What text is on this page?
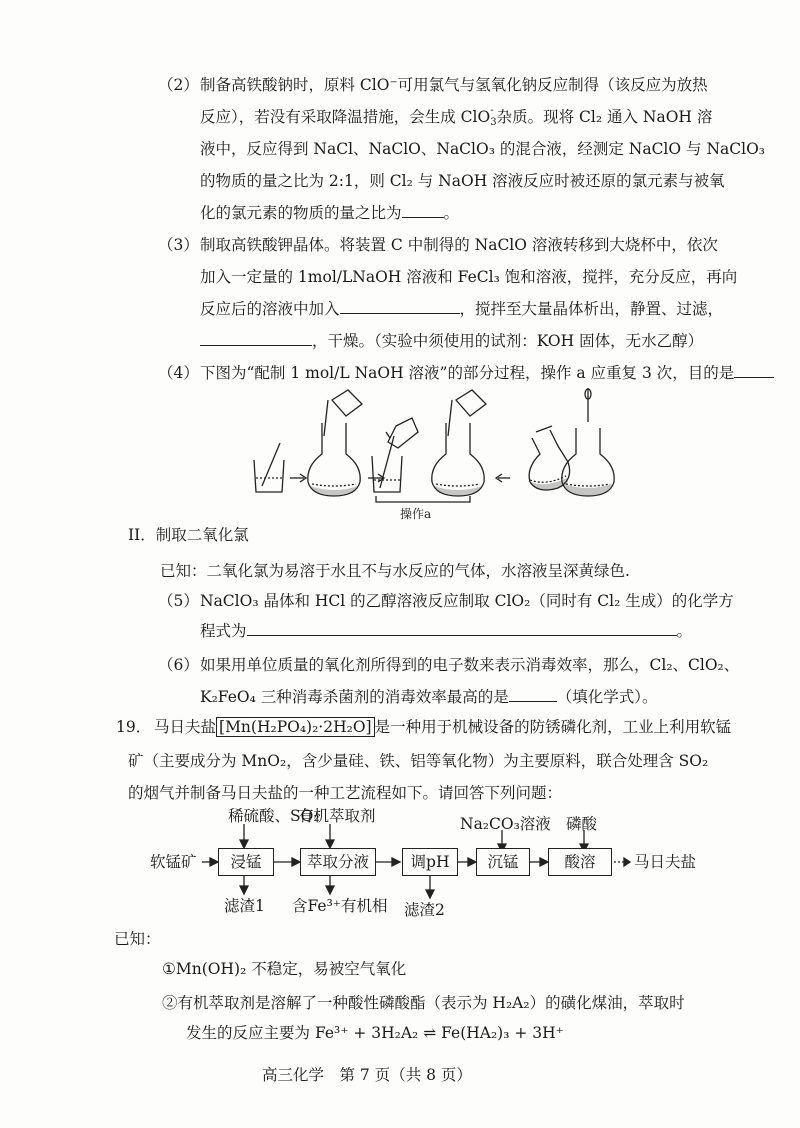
（2） 制备高铁酸钠时，原料 ClO⁻可用氯气与氢氧化钠反应制得（该反应为放热
反应），若没有采取降温措施，会生成 ClO -
3杂质。现将 Cl₂ 通入 NaOH 溶
液中，反应得到 NaCl、NaClO、NaClO₃ 的混合液，经测定 NaClO 与 NaClO₃
的物质的量之比为 2:1，则 Cl₂ 与 NaOH 溶液反应时被还原的氯元素与被氧
化的氯元素的物质的量之比为	。
（3） 制取高铁酸钾晶体。将装置 C 中制得的 NaClO 溶液转移到大烧杯中，依次
加入一定量的 1mol/LNaOH 溶液和 FeCl₃ 饱和溶液，搅拌，充分反应，再向
反应后的溶液中加入	，搅拌至大量晶体析出，静置、过滤，
，干燥。（实验中须使用的试剂：KOH 固体，无水乙醇）
（4） 下图为“配制 1 mol/L NaOH 溶液”的部分过程，操作 a 应重复 3 次，目的是
操作a
II．制取二氧化氯
已知：二氧化氯为易溶于水且不与水反应的气体，水溶液呈深黄绿色.
（5） NaClO₃ 晶体和 HCl 的乙醇溶液反应制取 ClO₂（同时有 Cl₂ 生成）的化学方
程式为	。
（6） 如果用单位质量的氧化剂所得到的电子数来表示消毒效率，那么，Cl₂、ClO₂、
K₂FeO₄ 三种消毒杀菌剂的消毒效率最高的是	（填化学式）。
19． 马日夫盐 [Mn(H₂PO₄)₂·2H₂O] 是一种用于机械设备的防锈磷化剂，工业上利用软锰
矿（主要成分为 MnO₂，含少量硅、铁、铝等氧化物）为主要原料，联合处理含 SO₂
的烟气并制备马日夫盐的一种工艺流程如下。请回答下列问题：
稀硫酸、SO₂
有机萃取剂	Na₂CO₃溶液 磷酸
软锰矿	浸锰	萃取分液	调pH	沉锰	酸溶	马日夫盐
滤渣1 含Fe³⁺有机相 滤渣2
已知：
①Mn(OH)₂ 不稳定，易被空气氧化
②有机萃取剂是溶解了一种酸性磷酸酯（表示为 H₂A₂）的磺化煤油，萃取时
发生的反应主要为 Fe³⁺ + 3H₂A₂ ⇌ Fe(HA₂)₃ + 3H⁺
高三化学　第 7 页（共 8 页）
